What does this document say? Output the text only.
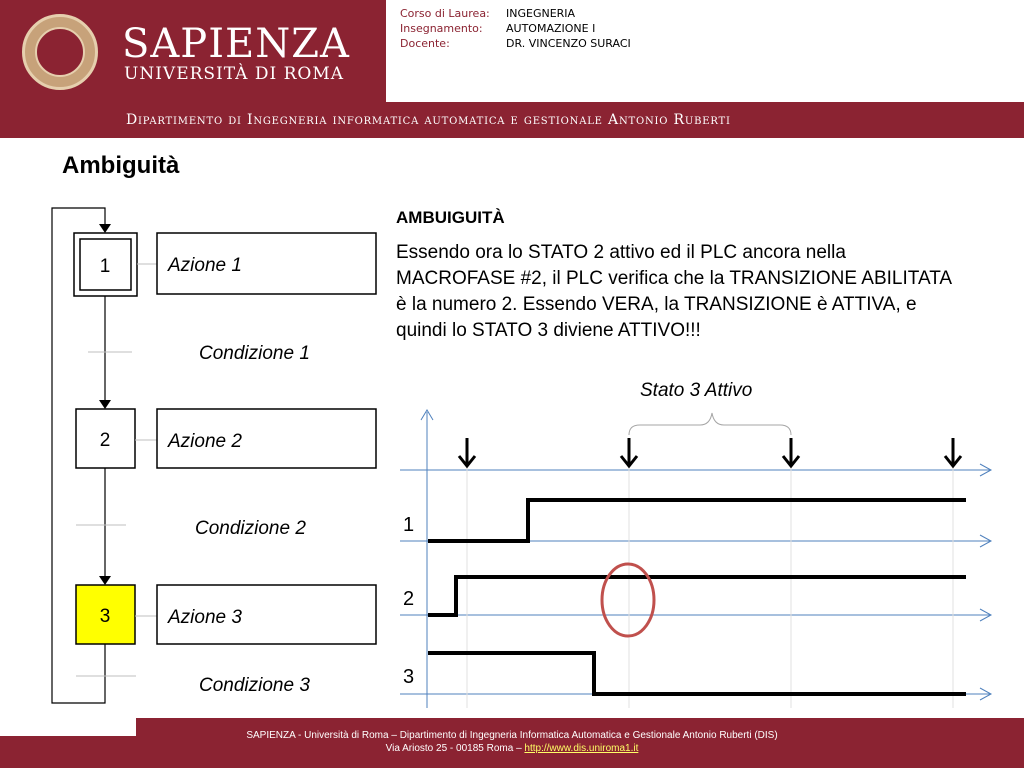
SAPIENZA
UNIVERSITÀ DI ROMA
Dipartimento di Ingegneria informatica automatica e gestionale Antonio Ruberti
Corso di Laurea: INGEGNERIA
Insegnamento: AUTOMAZIONE I
Docente:	DR. VINCENZO SURACI
Ambiguità
1
2
3
Azione 1
Azione 2
Azione 3
Condizione 1
Condizione 2
Condizione 3
AMBUIGUITÀ
Essendo ora lo STATO 2 attivo ed il PLC ancora nella MACROFASE #2, il PLC verifica che la TRANSIZIONE ABILITATA è la numero 2. Essendo VERA, la TRANSIZIONE è ATTIVA, e quindi lo STATO 3 diviene ATTIVO!!!
Stato 3 Attivo
1
2
3
SAPIENZA - Università di Roma – Dipartimento di Ingegneria Informatica Automatica e Gestionale Antonio Ruberti (DIS)
Via Ariosto 25 - 00185 Roma – http://www.dis.uniroma1.it
